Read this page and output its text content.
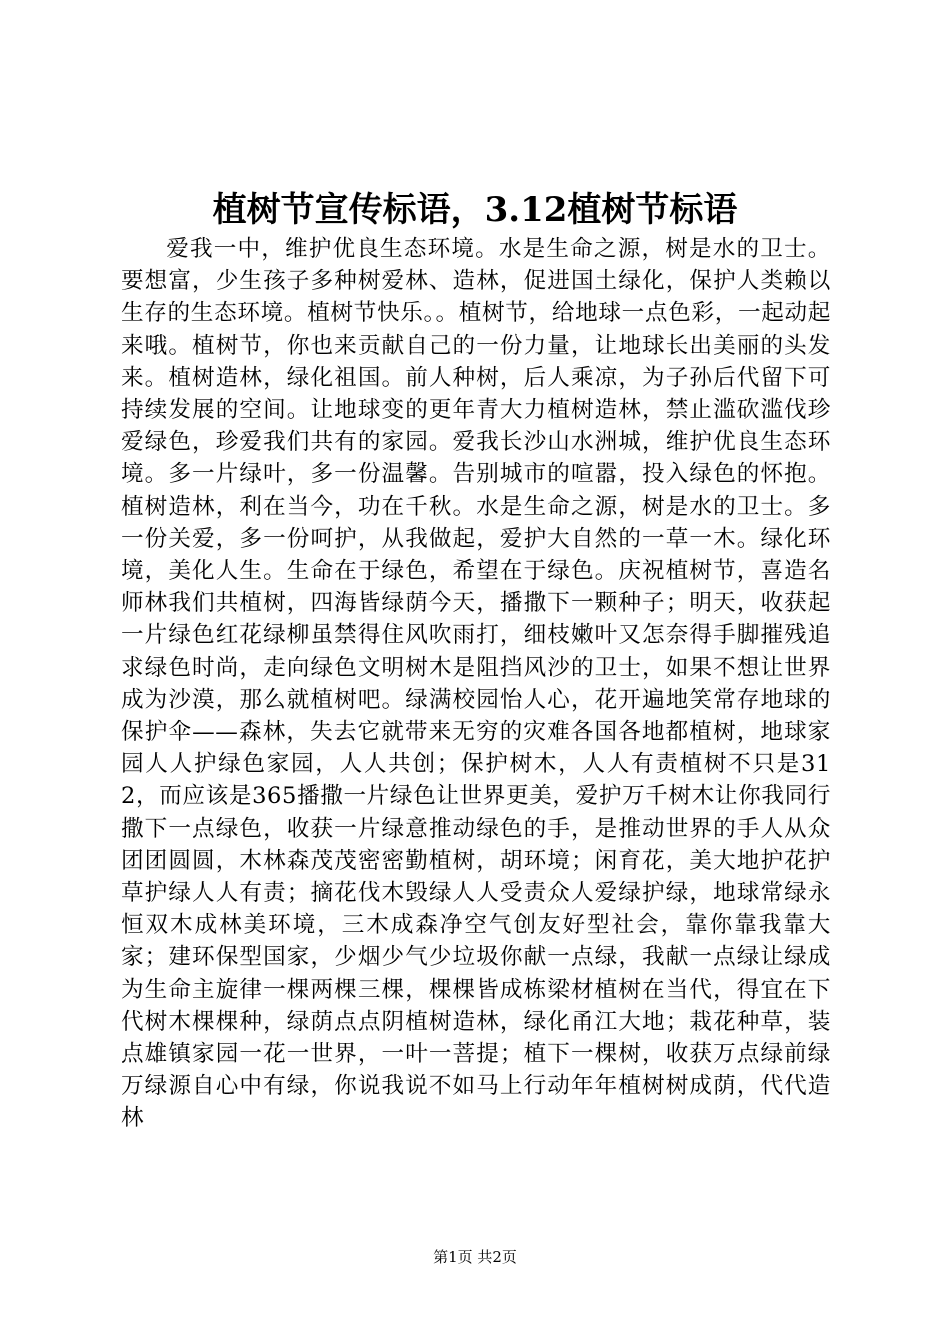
植树节宣传标语，3.12植树节标语

爱我一中，维护优良生态环境。水是生命之源，树是水的卫士。要想富，少生孩子多种树爱林、造林，促进国土绿化，保护人类赖以生存的生态环境。植树节快乐。。植树节，给地球一点色彩，一起动起来哦。植树节，你也来贡献自己的一份力量，让地球长出美丽的头发来。植树造林，绿化祖国。前人种树，后人乘凉，为子孙后代留下可持续发展的空间。让地球变的更年青大力植树造林，禁止滥砍滥伐珍爱绿色，珍爱我们共有的家园。爱我长沙山水洲城，维护优良生态环境。多一片绿叶，多一份温馨。告别城市的喧嚣，投入绿色的怀抱。植树造林，利在当今，功在千秋。水是生命之源，树是水的卫士。多一份关爱，多一份呵护，从我做起，爱护大自然的一草一木。绿化环境，美化人生。生命在于绿色，希望在于绿色。庆祝植树节，喜造名师林我们共植树，四海皆绿荫今天，播撒下一颗种子；明天，收获起一片绿色红花绿柳虽禁得住风吹雨打，细枝嫩叶又怎奈得手脚摧残追求绿色时尚，走向绿色文明树木是阻挡风沙的卫士，如果不想让世界成为沙漠，那么就植树吧。绿满校园怡人心，花开遍地笑常存地球的保护伞——森林，失去它就带来无穷的灾难各国各地都植树，地球家园人人护绿色家园，人人共创；保护树木，人人有责植树不只是312，而应该是365播撒一片绿色让世界更美，爱护万千树木让你我同行撒下一点绿色，收获一片绿意推动绿色的手，是推动世界的手人从众团团圆圆，木林森茂茂密密勤植树，胡环境；闲育花，美大地护花护草护绿人人有责；摘花伐木毁绿人人受责众人爱绿护绿，地球常绿永恒双木成林美环境，三木成森净空气创友好型社会，靠你靠我靠大家；建环保型国家，少烟少气少垃圾你献一点绿，我献一点绿让绿成为生命主旋律一棵两棵三棵，棵棵皆成栋梁材植树在当代，得宜在下代树木棵棵种，绿荫点点阴植树造林，绿化甬江大地；栽花种草，装点雄镇家园一花一世界，一叶一菩提；植下一棵树，收获万点绿前绿万绿源自心中有绿，你说我说不如马上行动年年植树树成荫，代代造林

第1页 共2页
